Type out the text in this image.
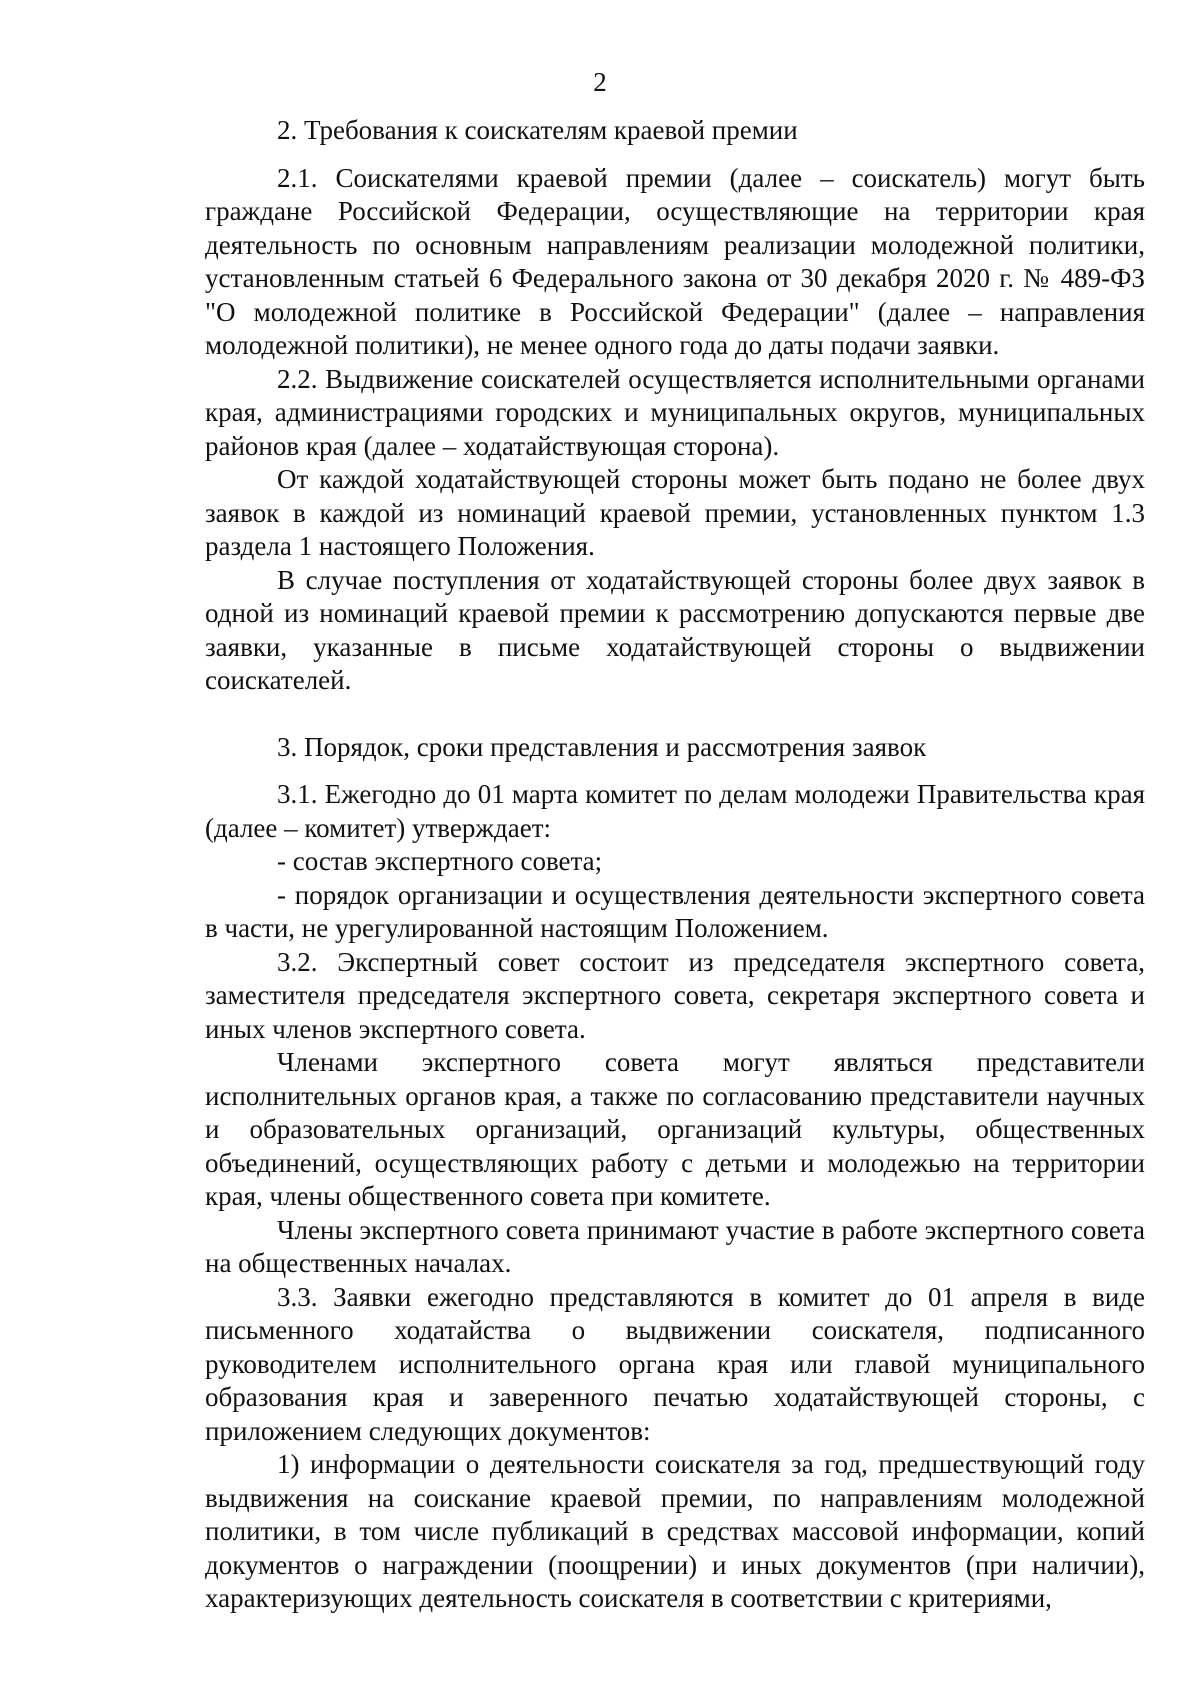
2

2. Требования к соискателям краевой премии

2.1. Соискателями краевой премии (далее – соискатель) могут быть граждане Российской Федерации, осуществляющие на территории края деятельность по основным направлениям реализации молодежной политики, установленным статьей 6 Федерального закона от 30 декабря 2020 г. № 489-ФЗ "О молодежной политике в Российской Федерации" (далее – направления молодежной политики), не менее одного года до даты подачи заявки.

2.2. Выдвижение соискателей осуществляется исполнительными органами края, администрациями городских и муниципальных округов, муниципальных районов края (далее – ходатайствующая сторона).

От каждой ходатайствующей стороны может быть подано не более двух заявок в каждой из номинаций краевой премии, установленных пунктом 1.3 раздела 1 настоящего Положения.

В случае поступления от ходатайствующей стороны более двух заявок в одной из номинаций краевой премии к рассмотрению допускаются первые две заявки, указанные в письме ходатайствующей стороны о выдвижении соискателей.

3. Порядок, сроки представления и рассмотрения заявок

3.1. Ежегодно до 01 марта комитет по делам молодежи Правительства края (далее – комитет) утверждает:

- состав экспертного совета;

- порядок организации и осуществления деятельности экспертного совета в части, не урегулированной настоящим Положением.

3.2. Экспертный совет состоит из председателя экспертного совета, заместителя председателя экспертного совета, секретаря экспертного совета и иных членов экспертного совета.

Членами экспертного совета могут являться представители исполнительных органов края, а также по согласованию представители научных и образовательных организаций, организаций культуры, общественных объединений, осуществляющих работу с детьми и молодежью на территории края, члены общественного совета при комитете.

Члены экспертного совета принимают участие в работе экспертного совета на общественных началах.

3.3. Заявки ежегодно представляются в комитет до 01 апреля в виде письменного ходатайства о выдвижении соискателя, подписанного руководителем исполнительного органа края или главой муниципального образования края и заверенного печатью ходатайствующей стороны, с приложением следующих документов:

1) информации о деятельности соискателя за год, предшествующий году выдвижения на соискание краевой премии, по направлениям молодежной политики, в том числе публикаций в средствах массовой информации, копий документов о награждении (поощрении) и иных документов (при наличии), характеризующих деятельность соискателя в соответствии с критериями,
